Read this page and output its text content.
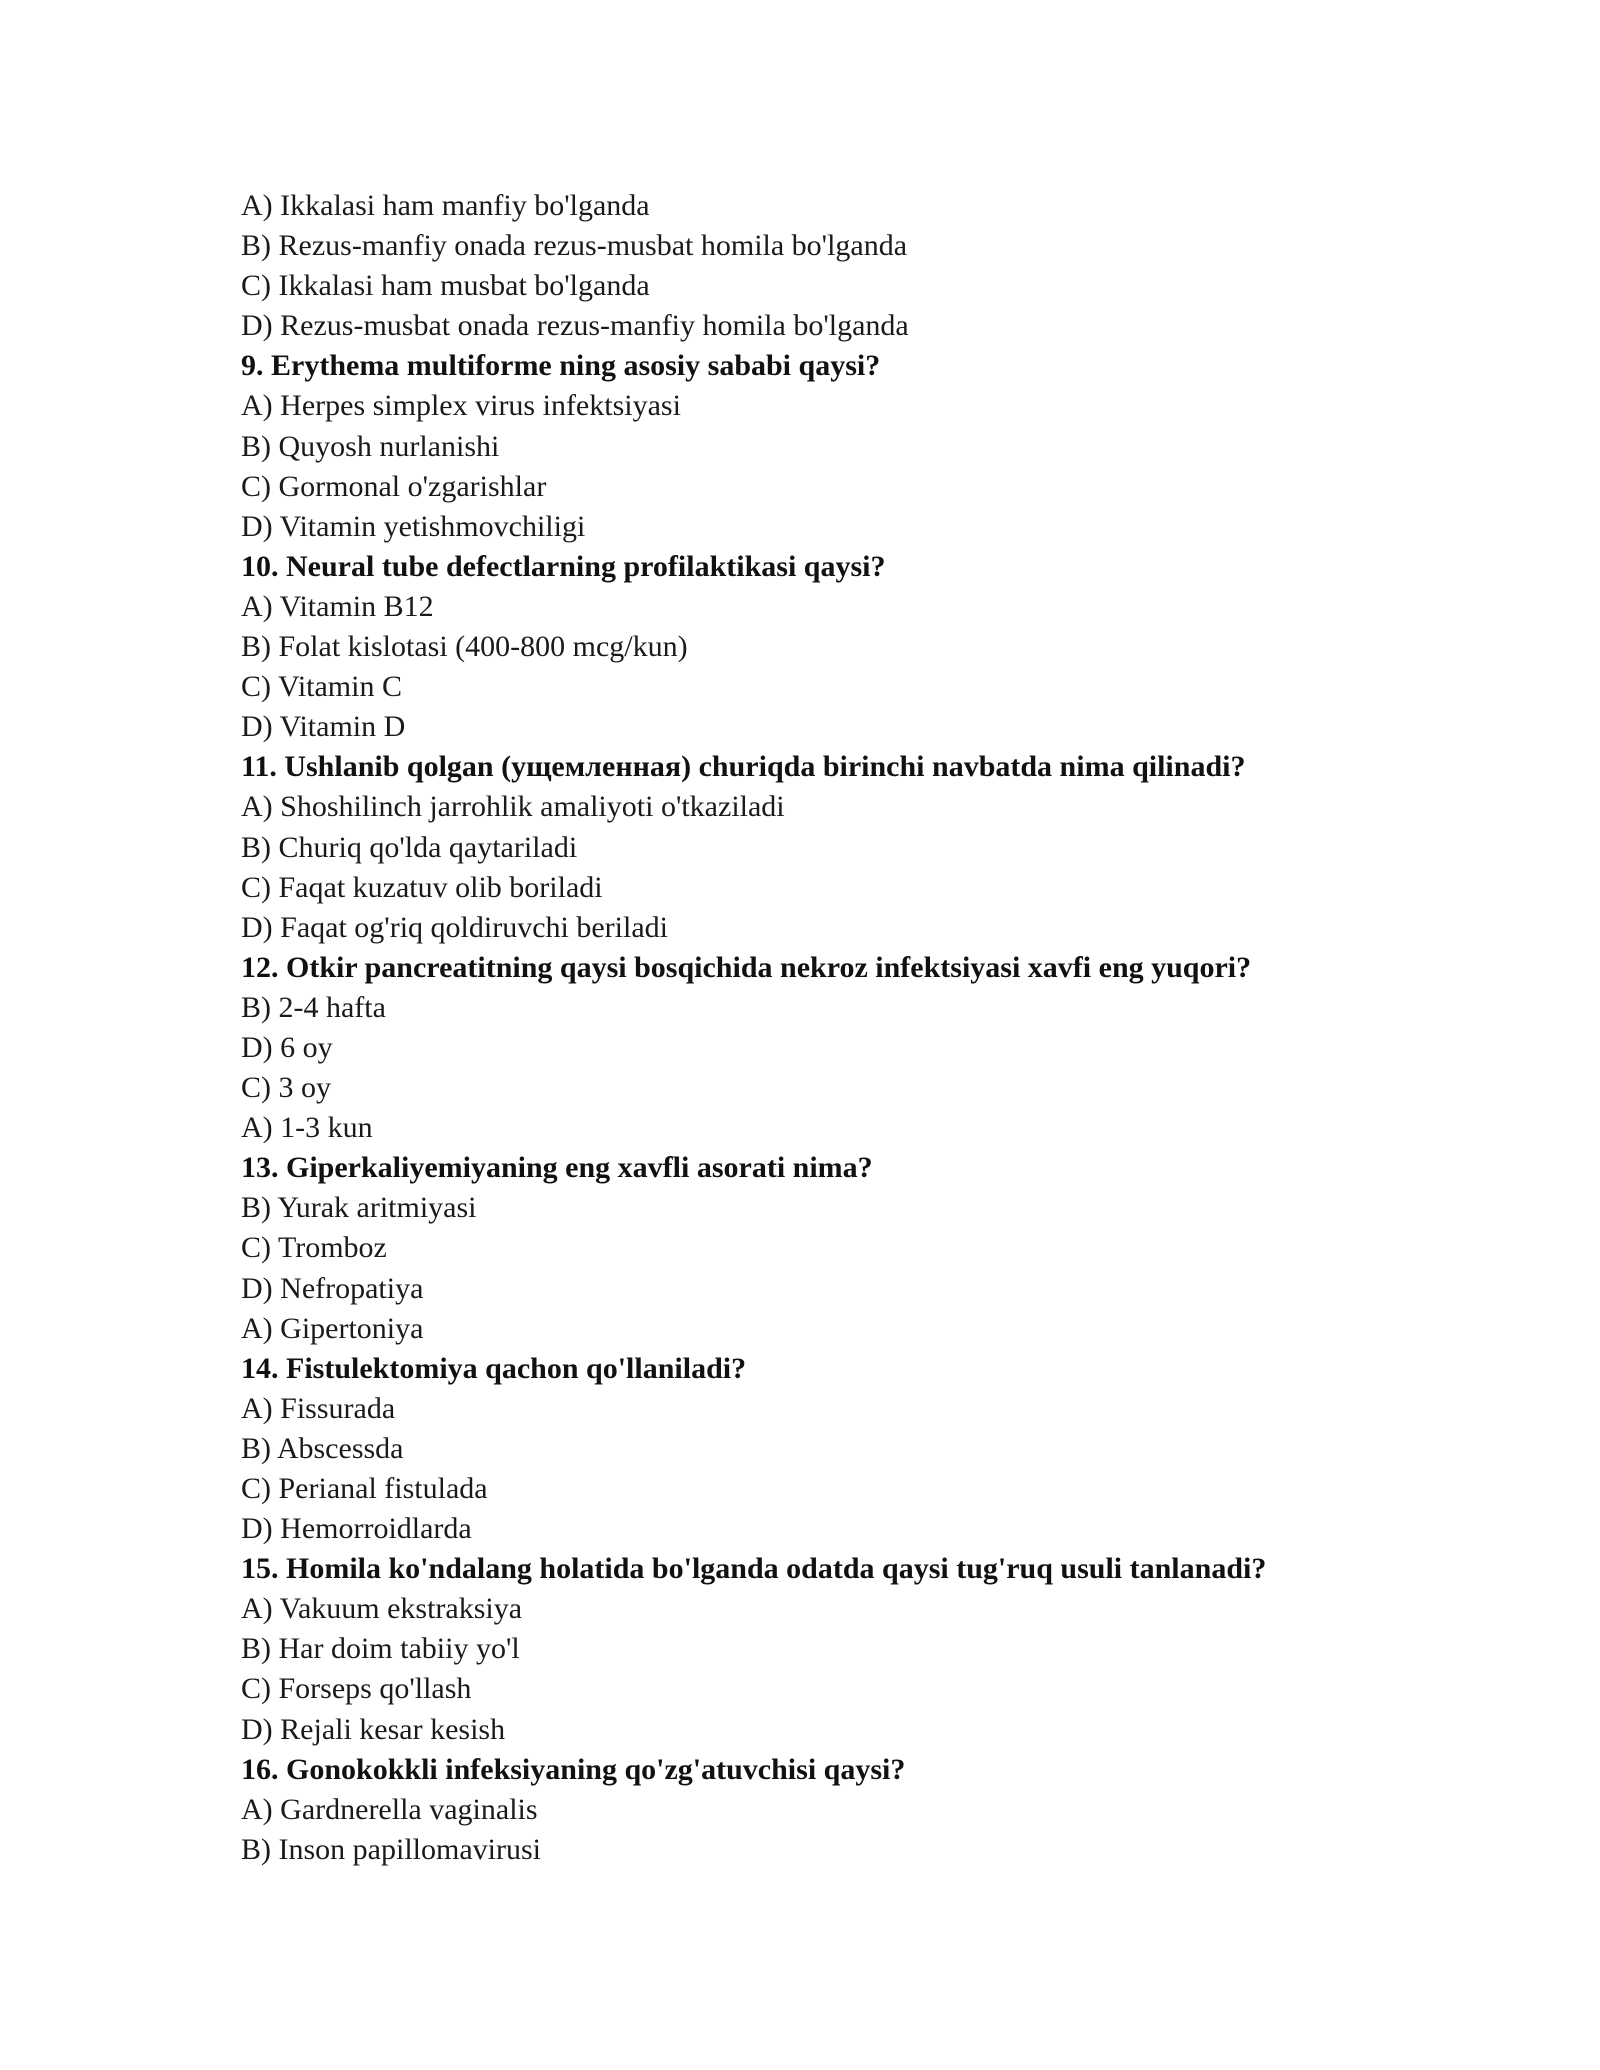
A) Ikkalasi ham manfiy bo'lganda
B) Rezus-manfiy onada rezus-musbat homila bo'lganda
C) Ikkalasi ham musbat bo'lganda
D) Rezus-musbat onada rezus-manfiy homila bo'lganda
9. Erythema multiforme ning asosiy sababi qaysi?
A) Herpes simplex virus infektsiyasi
B) Quyosh nurlanishi
C) Gormonal o'zgarishlar
D) Vitamin yetishmovchiligi
10. Neural tube defectlarning profilaktikasi qaysi?
A) Vitamin B12
B) Folat kislotasi (400-800 mcg/kun)
C) Vitamin C
D) Vitamin D
11. Ushlanib qolgan (ущемленная) churiqda birinchi navbatda nima qilinadi?
A) Shoshilinch jarrohlik amaliyoti o'tkaziladi
B) Churiq qo'lda qaytariladi
C) Faqat kuzatuv olib boriladi
D) Faqat og'riq qoldiruvchi beriladi
12. Otkir pancreatitning qaysi bosqichida nekroz infektsiyasi xavfi eng yuqori?
B) 2-4 hafta
D) 6 oy
C) 3 oy
A) 1-3 kun
13. Giperkaliyemiyaning eng xavfli asorati nima?
B) Yurak aritmiyasi
C) Tromboz
D) Nefropatiya
A) Gipertoniya
14. Fistulektomiya qachon qo'llaniladi?
A) Fissurada
B) Abscessda
C) Perianal fistulada
D) Hemorroidlarda
15. Homila ko'ndalang holatida bo'lganda odatda qaysi tug'ruq usuli tanlanadi?
A) Vakuum ekstraksiya
B) Har doim tabiiy yo'l
C) Forseps qo'llash
D) Rejali kesar kesish
16. Gonokokkli infeksiyaning qo'zg'atuvchisi qaysi?
A) Gardnerella vaginalis
B) Inson papillomavirusi
